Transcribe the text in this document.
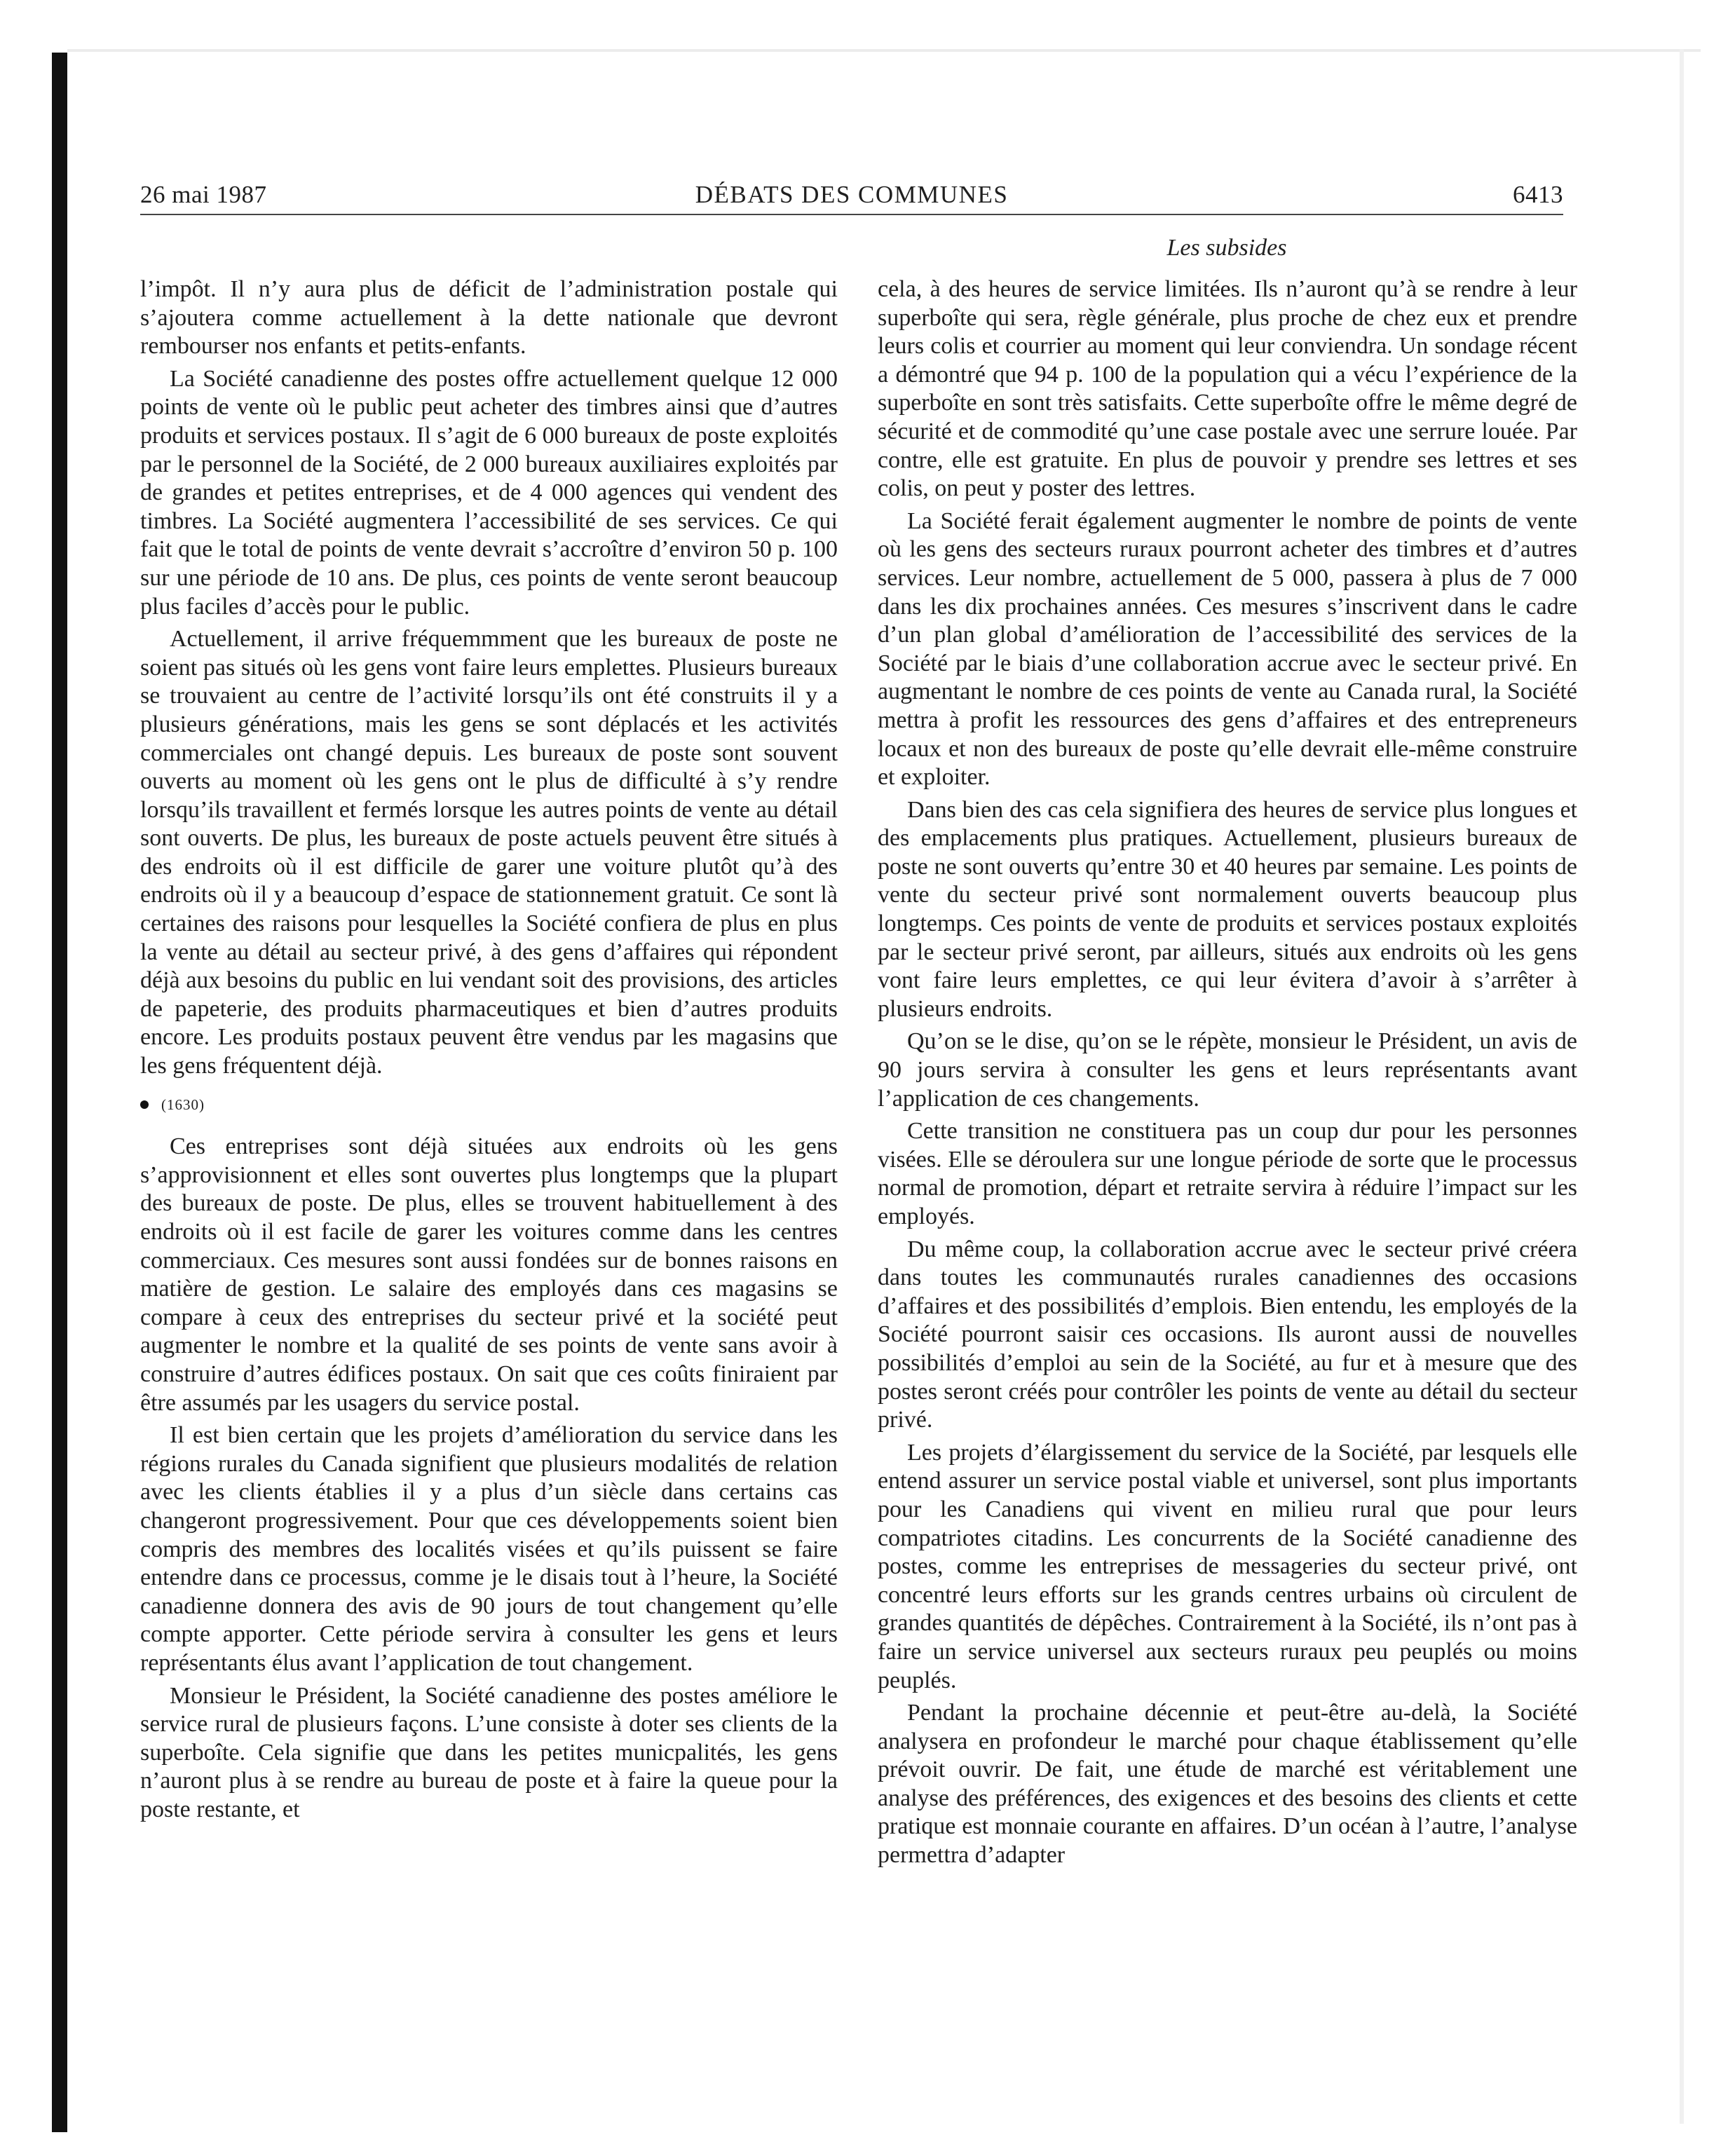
26 mai 1987	DÉBATS DES COMMUNES	6413
Les subsides

l’impôt. Il n’y aura plus de déficit de l’administration postale qui s’ajoutera comme actuellement à la dette nationale que devront rembourser nos enfants et petits-enfants.

La Société canadienne des postes offre actuellement quelque 12 000 points de vente où le public peut acheter des timbres ainsi que d’autres produits et services postaux. Il s’agit de 6 000 bureaux de poste exploités par le personnel de la Société, de 2 000 bureaux auxiliaires exploités par de grandes et petites entreprises, et de 4 000 agences qui vendent des timbres. La Société augmentera l’accessibilité de ses services. Ce qui fait que le total de points de vente devrait s’accroître d’environ 50 p. 100 sur une période de 10 ans. De plus, ces points de vente seront beaucoup plus faciles d’accès pour le public.

Actuellement, il arrive fréquemmment que les bureaux de poste ne soient pas situés où les gens vont faire leurs emplettes. Plusieurs bureaux se trouvaient au centre de l’activité lorsqu’ils ont été construits il y a plusieurs générations, mais les gens se sont déplacés et les activités commerciales ont changé depuis. Les bureaux de poste sont souvent ouverts au moment où les gens ont le plus de difficulté à s’y rendre lorsqu’ils travaillent et fermés lorsque les autres points de vente au détail sont ouverts. De plus, les bureaux de poste actuels peuvent être situés à des endroits où il est difficile de garer une voiture plutôt qu’à des endroits où il y a beaucoup d’espace de stationnement gratuit. Ce sont là certaines des raisons pour lesquelles la Société confiera de plus en plus la vente au détail au secteur privé, à des gens d’affaires qui répondent déjà aux besoins du public en lui vendant soit des provisions, des articles de papeterie, des produits pharmaceutiques et bien d’autres produits encore. Les produits postaux peuvent être vendus par les magasins que les gens fréquentent déjà.

(1630)

Ces entreprises sont déjà situées aux endroits où les gens s’approvisionnent et elles sont ouvertes plus longtemps que la plupart des bureaux de poste. De plus, elles se trouvent habituellement à des endroits où il est facile de garer les voitures comme dans les centres commerciaux. Ces mesures sont aussi fondées sur de bonnes raisons en matière de gestion. Le salaire des employés dans ces magasins se compare à ceux des entreprises du secteur privé et la société peut augmenter le nombre et la qualité de ses points de vente sans avoir à construire d’autres édifices postaux. On sait que ces coûts finiraient par être assumés par les usagers du service postal.

Il est bien certain que les projets d’amélioration du service dans les régions rurales du Canada signifient que plusieurs modalités de relation avec les clients établies il y a plus d’un siècle dans certains cas changeront progressivement. Pour que ces développements soient bien compris des membres des localités visées et qu’ils puissent se faire entendre dans ce processus, comme je le disais tout à l’heure, la Société canadienne donnera des avis de 90 jours de tout changement qu’elle compte apporter. Cette période servira à consulter les gens et leurs représentants élus avant l’application de tout changement.

Monsieur le Président, la Société canadienne des postes améliore le service rural de plusieurs façons. L’une consiste à doter ses clients de la superboîte. Cela signifie que dans les petites municpalités, les gens n’auront plus à se rendre au bureau de poste et à faire la queue pour la poste restante, et

cela, à des heures de service limitées. Ils n’auront qu’à se rendre à leur superboîte qui sera, règle générale, plus proche de chez eux et prendre leurs colis et courrier au moment qui leur conviendra. Un sondage récent a démontré que 94 p. 100 de la population qui a vécu l’expérience de la superboîte en sont très satisfaits. Cette superboîte offre le même degré de sécurité et de commodité qu’une case postale avec une serrure louée. Par contre, elle est gratuite. En plus de pouvoir y prendre ses lettres et ses colis, on peut y poster des lettres.

La Société ferait également augmenter le nombre de points de vente où les gens des secteurs ruraux pourront acheter des timbres et d’autres services. Leur nombre, actuellement de 5 000, passera à plus de 7 000 dans les dix prochaines années. Ces mesures s’inscrivent dans le cadre d’un plan global d’amélioration de l’accessibilité des services de la Société par le biais d’une collaboration accrue avec le secteur privé. En augmentant le nombre de ces points de vente au Canada rural, la Société mettra à profit les ressources des gens d’affaires et des entrepreneurs locaux et non des bureaux de poste qu’elle devrait elle-même construire et exploiter.

Dans bien des cas cela signifiera des heures de service plus longues et des emplacements plus pratiques. Actuellement, plusieurs bureaux de poste ne sont ouverts qu’entre 30 et 40 heures par semaine. Les points de vente du secteur privé sont normalement ouverts beaucoup plus longtemps. Ces points de vente de produits et services postaux exploités par le secteur privé seront, par ailleurs, situés aux endroits où les gens vont faire leurs emplettes, ce qui leur évitera d’avoir à s’arrêter à plusieurs endroits.

Qu’on se le dise, qu’on se le répète, monsieur le Président, un avis de 90 jours servira à consulter les gens et leurs représentants avant l’application de ces changements.

Cette transition ne constituera pas un coup dur pour les personnes visées. Elle se déroulera sur une longue période de sorte que le processus normal de promotion, départ et retraite servira à réduire l’impact sur les employés.

Du même coup, la collaboration accrue avec le secteur privé créera dans toutes les communautés rurales canadiennes des occasions d’affaires et des possibilités d’emplois. Bien entendu, les employés de la Société pourront saisir ces occasions. Ils auront aussi de nouvelles possibilités d’emploi au sein de la Société, au fur et à mesure que des postes seront créés pour contrôler les points de vente au détail du secteur privé.

Les projets d’élargissement du service de la Société, par lesquels elle entend assurer un service postal viable et universel, sont plus importants pour les Canadiens qui vivent en milieu rural que pour leurs compatriotes citadins. Les concurrents de la Société canadienne des postes, comme les entreprises de messageries du secteur privé, ont concentré leurs efforts sur les grands centres urbains où circulent de grandes quantités de dépêches. Contrairement à la Société, ils n’ont pas à faire un service universel aux secteurs ruraux peu peuplés ou moins peuplés.

Pendant la prochaine décennie et peut-être au-delà, la Société analysera en profondeur le marché pour chaque établissement qu’elle prévoit ouvrir. De fait, une étude de marché est véritablement une analyse des préférences, des exigences et des besoins des clients et cette pratique est monnaie courante en affaires. D’un océan à l’autre, l’analyse permettra d’adapter
